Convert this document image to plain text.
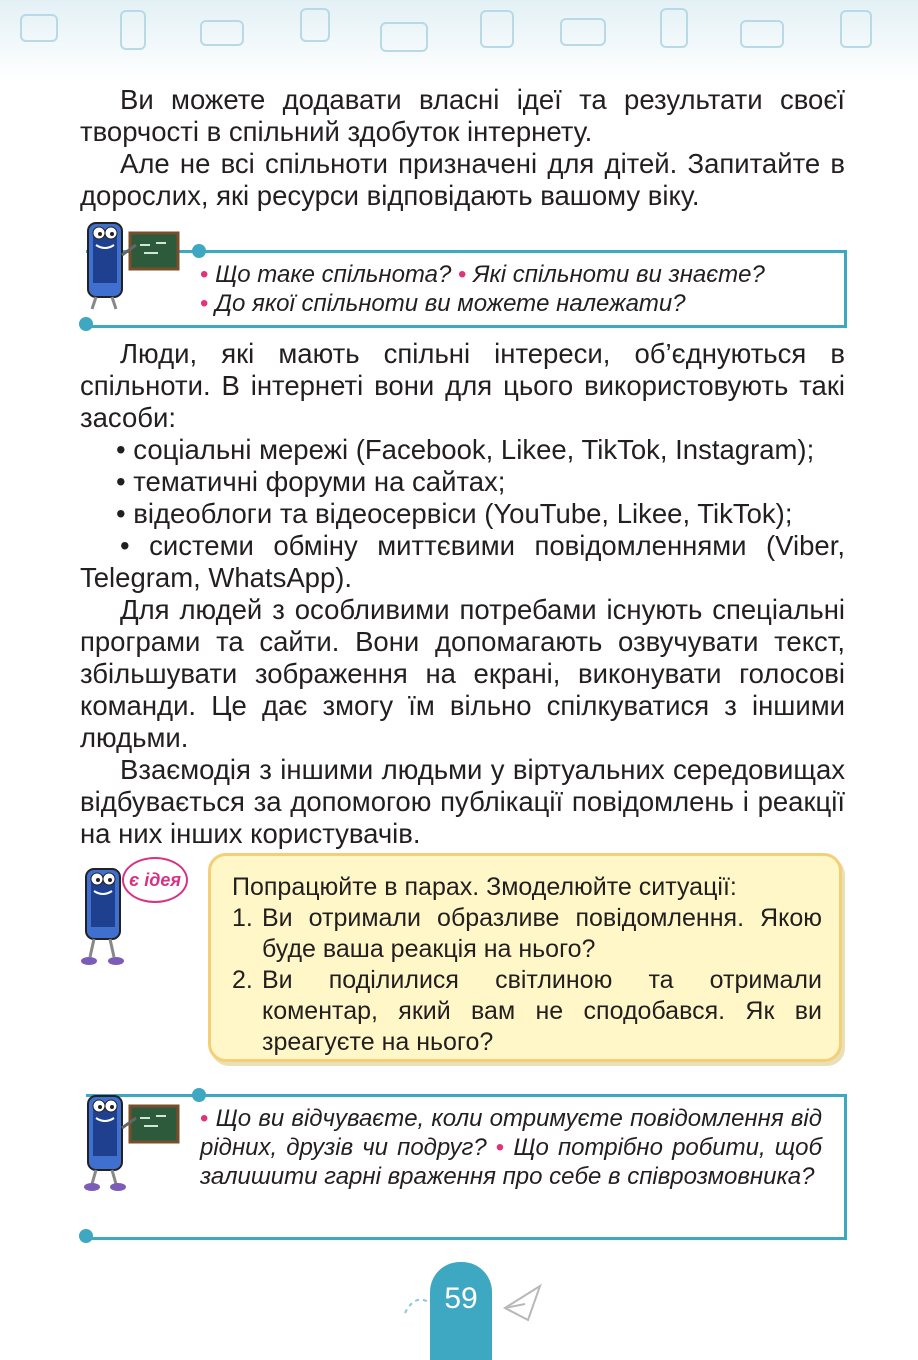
Ви можете додавати власні ідеї та результати своєї творчості в спільний здобуток інтернету.

Але не всі спільноти призначені для дітей. Запитайте в дорослих, які ресурси відповідають вашому віку.

• Що таке спільнота? • Які спільноти ви знаєте?
• До якої спільноти ви можете належати?

Люди, які мають спільні інтереси, об’єднуються в спільноти. В інтернеті вони для цього використовують такі засоби:

• соціальні мережі (Facebook, Likee, TikTok, Instagram);
• тематичні форуми на сайтах;
• відеоблоги та відеосервіси (YouTube, Likee, TikTok);

• системи обміну миттєвими повідомленнями (Viber, Telegram, WhatsApp).

Для людей з особливими потребами існують спеціальні програми та сайти. Вони допомагають озвучувати текст, збільшувати зображення на екрані, виконувати голосові команди. Це дає змогу їм вільно спілкуватися з іншими людьми.

Взаємодія з іншими людьми у віртуальних середовищах відбувається за допомогою публікації повідомлень і реакції на них інших користувачів.

є ідея Попрацюйте в парах. Змоделюйте ситуації:
1. Ви отримали образливе повідомлення. Якою буде ваша реакція на нього?
2. Ви поділилися світлиною та отримали коментар, який вам не сподобався. Як ви зреагуєте на нього?
• Що ви відчуваєте, коли отримуєте повідомлення від рідних, друзів чи подруг? • Що потрібно робити, щоб залишити гарні враження про себе в співрозмовника?
59
